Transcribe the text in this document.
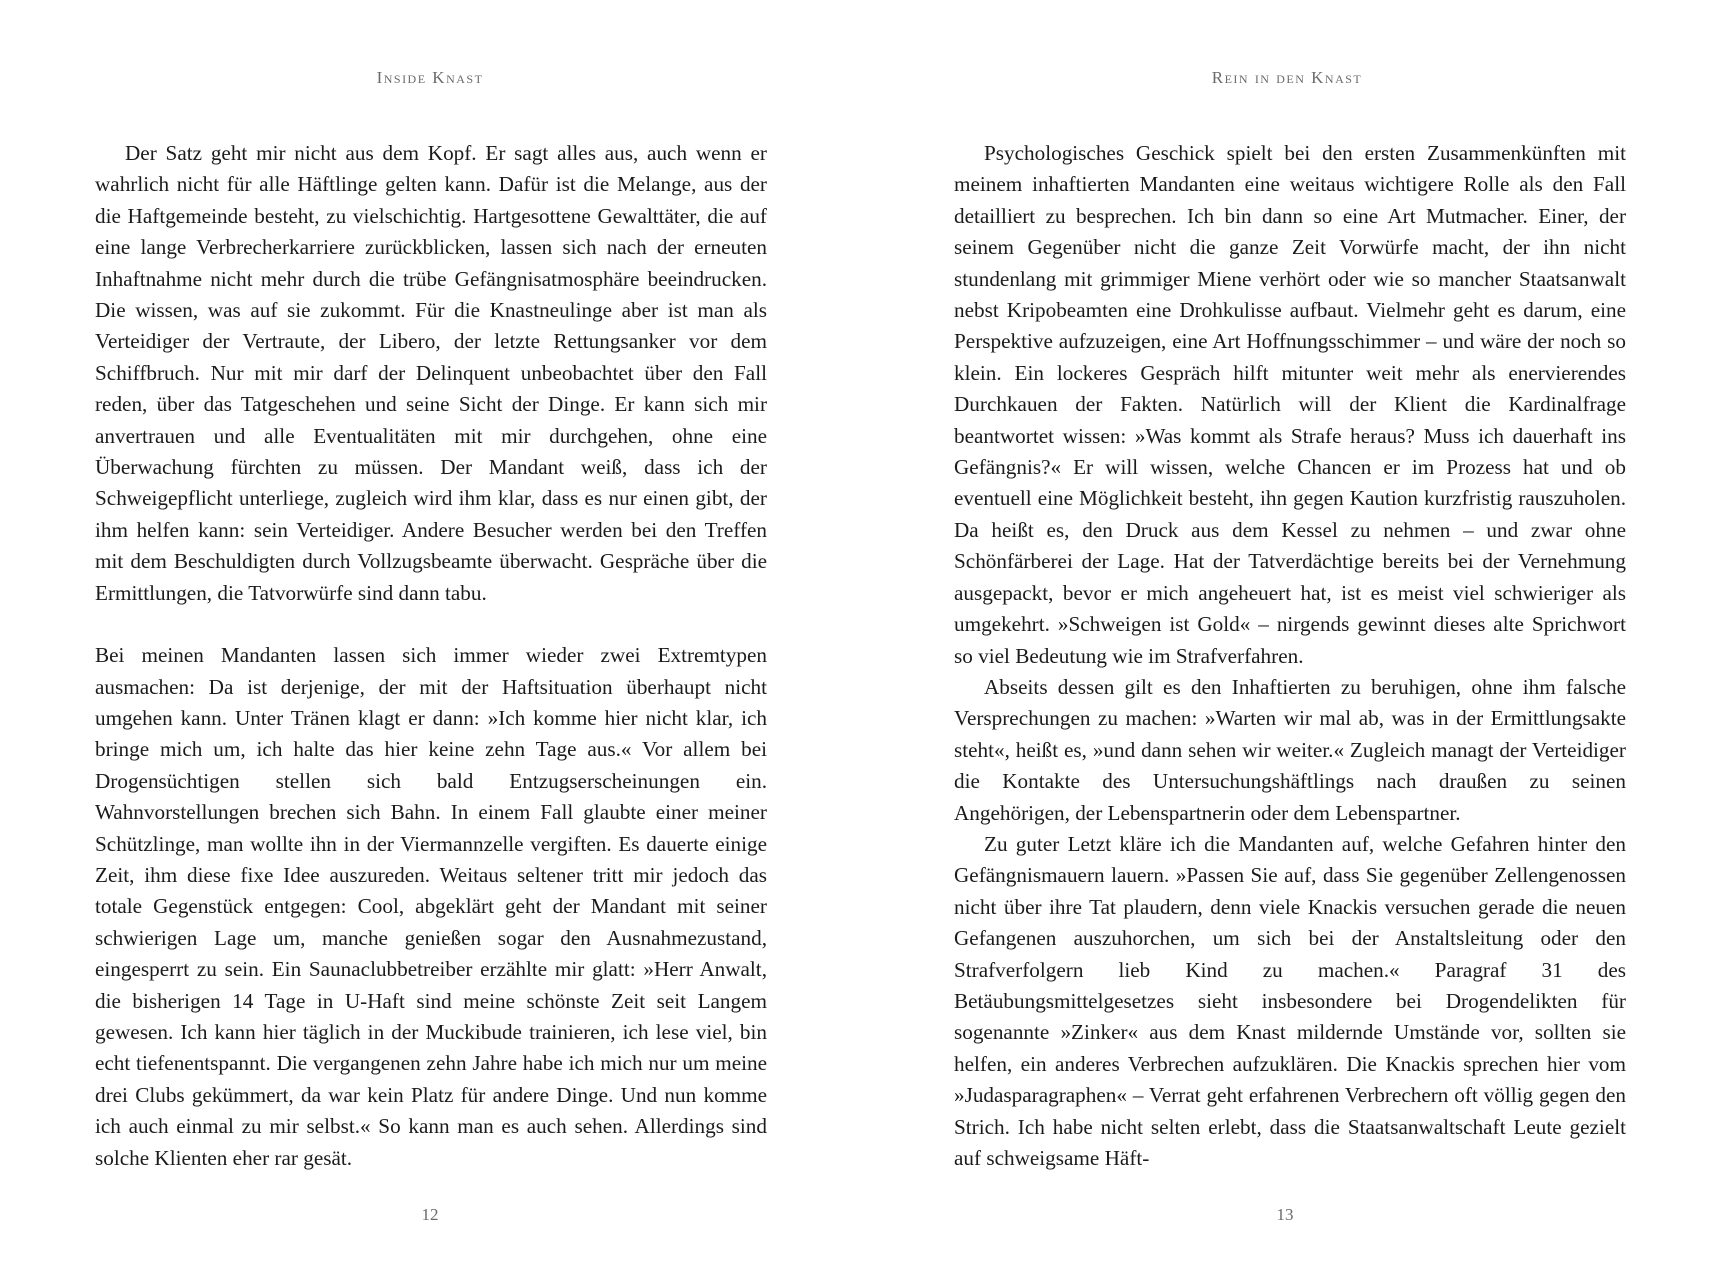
Inside Knast

Der Satz geht mir nicht aus dem Kopf. Er sagt alles aus, auch wenn er wahrlich nicht für alle Häftlinge gelten kann. Dafür ist die Melange, aus der die Haftgemeinde besteht, zu vielschichtig. Hartgesottene Gewalttäter, die auf eine lange Verbrecherkarriere zurückblicken, lassen sich nach der erneuten Inhaftnahme nicht mehr durch die trübe Gefängnisatmosphäre beeindrucken. Die wissen, was auf sie zukommt. Für die Knastneulinge aber ist man als Verteidiger der Vertraute, der Libero, der letzte Rettungsanker vor dem Schiffbruch. Nur mit mir darf der Delinquent unbeobachtet über den Fall reden, über das Tatgeschehen und seine Sicht der Dinge. Er kann sich mir anvertrauen und alle Eventualitäten mit mir durchgehen, ohne eine Überwachung fürchten zu müssen. Der Mandant weiß, dass ich der Schweigepflicht unterliege, zugleich wird ihm klar, dass es nur einen gibt, der ihm helfen kann: sein Verteidiger. Andere Besucher werden bei den Treffen mit dem Beschuldigten durch Vollzugsbeamte überwacht. Gespräche über die Ermittlungen, die Tatvorwürfe sind dann tabu.

Bei meinen Mandanten lassen sich immer wieder zwei Extremtypen ausmachen: Da ist derjenige, der mit der Haftsituation überhaupt nicht umgehen kann. Unter Tränen klagt er dann: »Ich komme hier nicht klar, ich bringe mich um, ich halte das hier keine zehn Tage aus.« Vor allem bei Drogensüchtigen stellen sich bald Entzugserscheinungen ein. Wahnvorstellungen brechen sich Bahn. In einem Fall glaubte einer meiner Schützlinge, man wollte ihn in der Viermannzelle vergiften. Es dauerte einige Zeit, ihm diese fixe Idee auszureden. Weitaus seltener tritt mir jedoch das totale Gegenstück entgegen: Cool, abgeklärt geht der Mandant mit seiner schwierigen Lage um, manche genießen sogar den Ausnahmezustand, eingesperrt zu sein. Ein Saunaclubbetreiber erzählte mir glatt: »Herr Anwalt, die bisherigen 14 Tage in U-Haft sind meine schönste Zeit seit Langem gewesen. Ich kann hier täglich in der Muckibude trainieren, ich lese viel, bin echt tiefenentspannt. Die vergangenen zehn Jahre habe ich mich nur um meine drei Clubs gekümmert, da war kein Platz für andere Dinge. Und nun komme ich auch einmal zu mir selbst.« So kann man es auch sehen. Allerdings sind solche Klienten eher rar gesät.

12
Rein in den Knast

Psychologisches Geschick spielt bei den ersten Zusammenkünften mit meinem inhaftierten Mandanten eine weitaus wichtigere Rolle als den Fall detailliert zu besprechen. Ich bin dann so eine Art Mutmacher. Einer, der seinem Gegenüber nicht die ganze Zeit Vorwürfe macht, der ihn nicht stundenlang mit grimmiger Miene verhört oder wie so mancher Staatsanwalt nebst Kripobeamten eine Drohkulisse aufbaut. Vielmehr geht es darum, eine Perspektive aufzuzeigen, eine Art Hoffnungsschimmer – und wäre der noch so klein. Ein lockeres Gespräch hilft mitunter weit mehr als enervierendes Durchkauen der Fakten. Natürlich will der Klient die Kardinalfrage beantwortet wissen: »Was kommt als Strafe heraus? Muss ich dauerhaft ins Gefängnis?« Er will wissen, welche Chancen er im Prozess hat und ob eventuell eine Möglichkeit besteht, ihn gegen Kaution kurzfristig rauszuholen. Da heißt es, den Druck aus dem Kessel zu nehmen – und zwar ohne Schönfärberei der Lage. Hat der Tatverdächtige bereits bei der Vernehmung ausgepackt, bevor er mich angeheuert hat, ist es meist viel schwieriger als umgekehrt. »Schweigen ist Gold« – nirgends gewinnt dieses alte Sprichwort so viel Bedeutung wie im Strafverfahren.

Abseits dessen gilt es den Inhaftierten zu beruhigen, ohne ihm falsche Versprechungen zu machen: »Warten wir mal ab, was in der Ermittlungsakte steht«, heißt es, »und dann sehen wir weiter.« Zugleich managt der Verteidiger die Kontakte des Untersuchungshäftlings nach draußen zu seinen Angehörigen, der Lebenspartnerin oder dem Lebenspartner.

Zu guter Letzt kläre ich die Mandanten auf, welche Gefahren hinter den Gefängnismauern lauern. »Passen Sie auf, dass Sie gegenüber Zellengenossen nicht über ihre Tat plaudern, denn viele Knackis versuchen gerade die neuen Gefangenen auszuhorchen, um sich bei der Anstaltsleitung oder den Strafverfolgern lieb Kind zu machen.« Paragraf 31 des Betäubungsmittelgesetzes sieht insbesondere bei Drogendelikten für sogenannte »Zinker« aus dem Knast mildernde Umstände vor, sollten sie helfen, ein anderes Verbrechen aufzuklären. Die Knackis sprechen hier vom »Judasparagraphen« – Verrat geht erfahrenen Verbrechern oft völlig gegen den Strich. Ich habe nicht selten erlebt, dass die Staatsanwaltschaft Leute gezielt auf schweigsame Häft-

13
